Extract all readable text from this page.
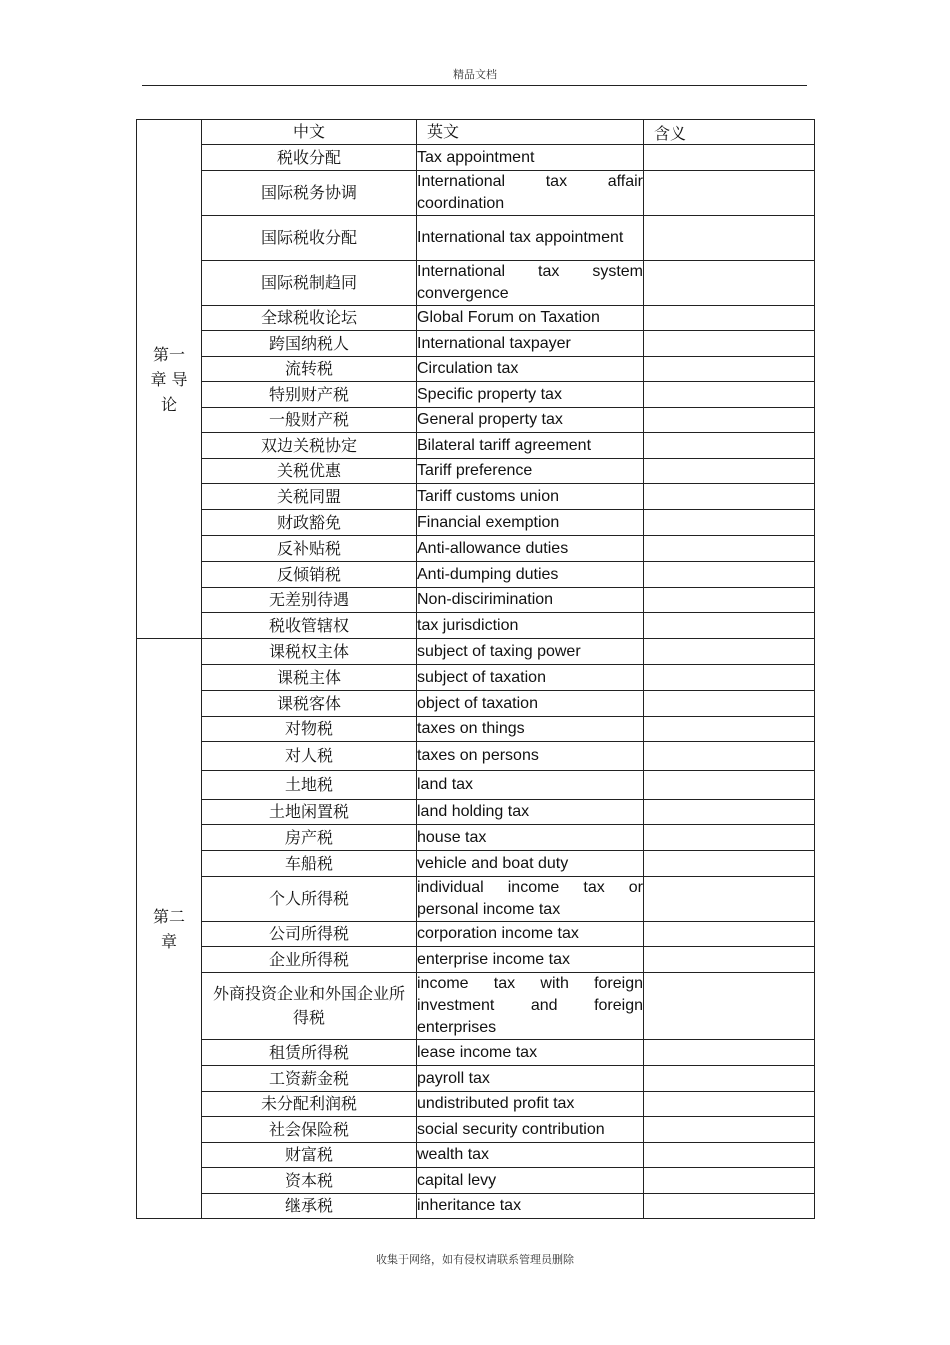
精品文档
第一章 导论	中文	英文	含义
	税收分配	Tax appointment	
	国际税务协调	International tax affair coordination	
	国际税收分配	International tax appointment	
	国际税制趋同	International tax system convergence	
	全球税收论坛	Global Forum on Taxation	
	跨国纳税人	International taxpayer	
	流转税	Circulation tax	
	特别财产税	Specific property tax	
	一般财产税	General property tax	
	双边关税协定	Bilateral tariff agreement	
	关税优惠	Tariff preference	
	关税同盟	Tariff customs union	
	财政豁免	Financial exemption	
	反补贴税	Anti-allowance duties	
	反倾销税	Anti-dumping duties	
	无差别待遇	Non-discirimination	
	税收管辖权	tax jurisdiction	
第二章	课税权主体	subject of taxing power	
	课税主体	subject of taxation	
	课税客体	object of taxation	
	对物税	taxes on things	
	对人税	taxes on persons	
	土地税	land tax	
	土地闲置税	land holding tax	
	房产税	house tax	
	车船税	vehicle and boat duty	
	个人所得税	individual income tax or personal income tax	
	公司所得税	corporation income tax	
	企业所得税	enterprise income tax	
	外商投资企业和外国企业所得税	income tax with foreign investment and foreign enterprises	
	租赁所得税	lease income tax	
	工资薪金税	payroll tax	
	未分配利润税	undistributed profit tax	
	社会保险税	social security contribution	
	财富税	wealth tax	
	资本税	capital levy	
	继承税	inheritance tax	
收集于网络，如有侵权请联系管理员删除
